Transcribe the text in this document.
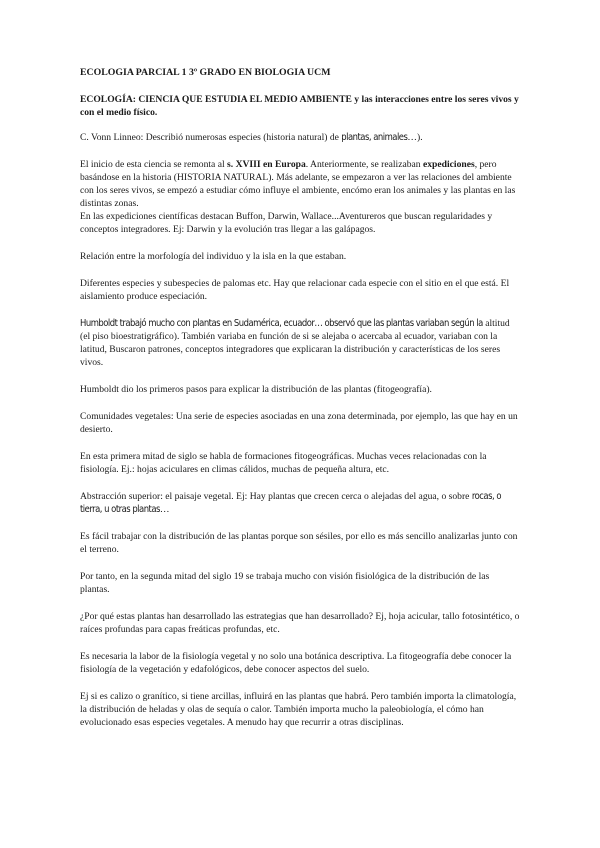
ECOLOGIA PARCIAL 1 3º GRADO EN BIOLOGIA UCM

ECOLOGÍA: CIENCIA QUE ESTUDIA EL MEDIO AMBIENTE y las interacciones entre los seres vivos y con el medio físico.

C. Vonn Linneo: Describió numerosas especies (historia natural) de plantas, animales…).

El inicio de esta ciencia se remonta al s. XVIII en Europa. Anteriormente, se realizaban expediciones, pero basándose en la historia (HISTORIA NATURAL). Más adelante, se empezaron a ver las relaciones del ambiente con los seres vivos, se empezó a estudiar cómo influye el ambiente, encómo eran los animales y las plantas en las distintas zonas.

En las expediciones científicas destacan Buffon, Darwin, Wallace...Aventureros que buscan regularidades y conceptos integradores. Ej: Darwin y la evolución tras llegar a las galápagos.

Relación entre la morfología del individuo y la isla en la que estaban.

Diferentes especies y subespecies de palomas etc. Hay que relacionar cada especie con el sitio en el que está. El aislamiento produce especiación.

Humboldt trabajó mucho con plantas en Sudamérica, ecuador… observó que las plantas variaban según la altitud (el piso bioestratigráfico). También variaba en función de si se alejaba o acercaba al ecuador, variaban con la latitud, Buscaron patrones, conceptos integradores que explicaran la distribución y características de los seres vivos.

Humboldt dio los primeros pasos para explicar la distribución de las plantas (fitogeografía).

Comunidades vegetales: Una serie de especies asociadas en una zona determinada, por ejemplo, las que hay en un desierto.

En esta primera mitad de siglo se habla de formaciones fitogeográficas. Muchas veces relacionadas con la fisiología. Ej.: hojas aciculares en climas cálidos, muchas de pequeña altura, etc.

Abstracción superior: el paisaje vegetal. Ej: Hay plantas que crecen cerca o alejadas del agua, o sobre rocas, o tierra, u otras plantas…

Es fácil trabajar con la distribución de las plantas porque son sésiles, por ello es más sencillo analizarlas junto con el terreno.

Por tanto, en la segunda mitad del siglo 19 se trabaja mucho con visión fisiológica de la distribución de las plantas.

¿Por qué estas plantas han desarrollado las estrategias que han desarrollado? Ej, hoja acicular, tallo fotosintético, o raíces profundas para capas freáticas profundas, etc.

Es necesaria la labor de la fisiología vegetal y no solo una botánica descriptiva. La fitogeografía debe conocer la fisiología de la vegetación y edafológicos, debe conocer aspectos del suelo.

Ej si es calizo o granítico, si tiene arcillas, influirá en las plantas que habrá. Pero también importa la climatología, la distribución de heladas y olas de sequía o calor. También importa mucho la paleobiología, el cómo han evolucionado esas especies vegetales. A menudo hay que recurrir a otras disciplinas.
